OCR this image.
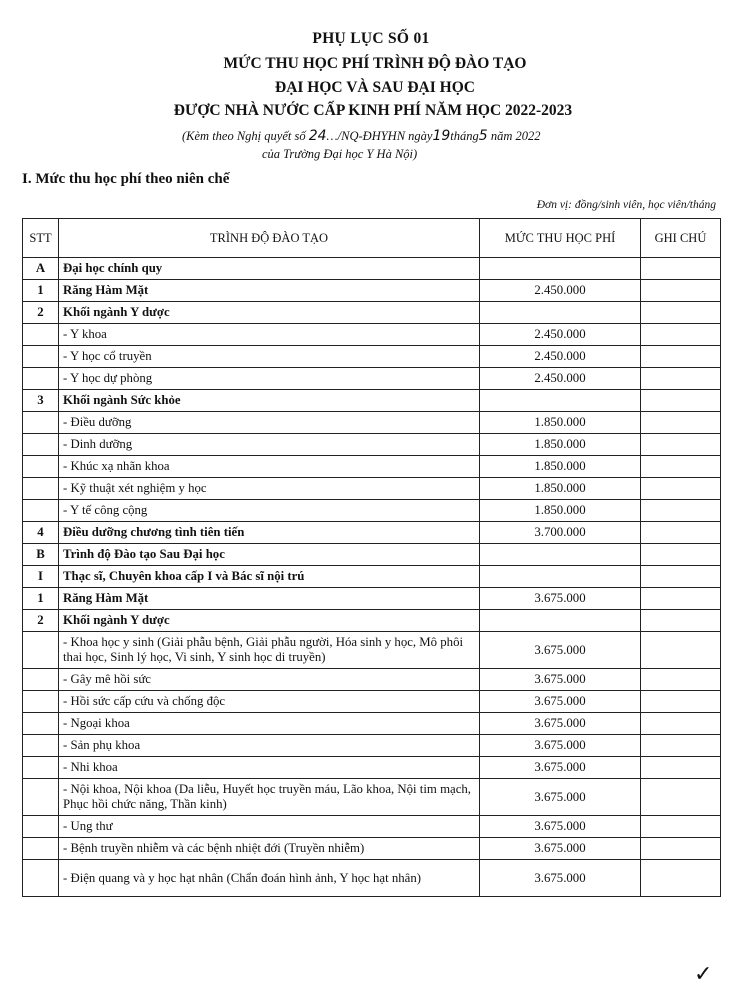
PHỤ LỤC SỐ 01
MỨC THU HỌC PHÍ TRÌNH ĐỘ ĐÀO TẠO
ĐẠI HỌC VÀ SAU ĐẠI HỌC
ĐƯỢC NHÀ NƯỚC CẤP KINH PHÍ NĂM HỌC 2022-2023
(Kèm theo Nghị quyết số 24…/NQ-ĐHYHN ngày19tháng5 năm 2022
của Trường Đại học Y Hà Nội)
I. Mức thu học phí theo niên chế
Đơn vị: đồng/sinh viên, học viên/tháng
STT	TRÌNH ĐỘ ĐÀO TẠO	MỨC THU HỌC PHÍ	GHI CHÚ
A	Đại học chính quy		
1	Răng Hàm Mặt	2.450.000	
2	Khối ngành Y dược		
	- Y khoa	2.450.000	
	- Y học cổ truyền	2.450.000	
	- Y học dự phòng	2.450.000	
3	Khối ngành Sức khỏe		
	- Điều dưỡng	1.850.000	
	- Dinh dưỡng	1.850.000	
	- Khúc xạ nhãn khoa	1.850.000	
	- Kỹ thuật xét nghiệm y học	1.850.000	
	- Y tế công cộng	1.850.000	
4	Điều dưỡng chương tình tiên tiến	3.700.000	
B	Trình độ Đào tạo Sau Đại học		
I	Thạc sĩ, Chuyên khoa cấp I và Bác sĩ nội trú		
1	Răng Hàm Mặt	3.675.000	
2	Khối ngành Y dược		
	- Khoa học y sinh (Giải phẫu bệnh, Giải phẫu người, Hóa sinh y học, Mô phôi thai học, Sinh lý học, Vi sinh, Y sinh học di truyền)	3.675.000	
	- Gây mê hồi sức	3.675.000	
	- Hồi sức cấp cứu và chống độc	3.675.000	
	- Ngoại khoa	3.675.000	
	- Sản phụ khoa	3.675.000	
	- Nhi khoa	3.675.000	
	- Nội khoa, Nội khoa (Da liễu, Huyết học truyền máu, Lão khoa, Nội tim mạch, Phục hồi chức năng, Thần kinh)	3.675.000	
	- Ung thư	3.675.000	
	- Bệnh truyền nhiễm và các bệnh nhiệt đới (Truyền nhiễm)	3.675.000	
	- Điện quang và y học hạt nhân (Chẩn đoán hình ảnh, Y học hạt nhân)	3.675.000	
✓
